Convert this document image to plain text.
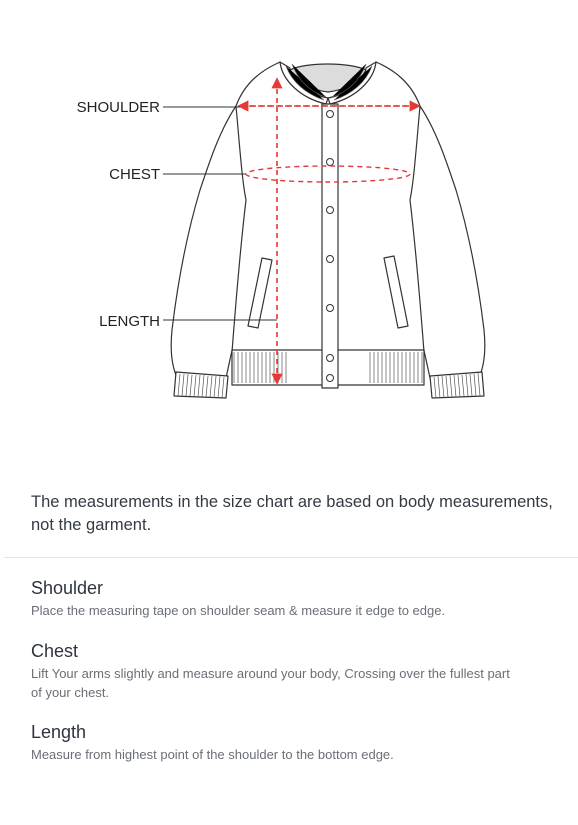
SHOULDER
CHEST
LENGTH

The measurements in the size chart are based on body measurements, not the garment.

Shoulder

Place the measuring tape on shoulder seam & measure it edge to edge.

Chest

Lift Your arms slightly and measure around your body, Crossing over the fullest part of your chest.

Length

Measure from highest point of the shoulder to the bottom edge.
